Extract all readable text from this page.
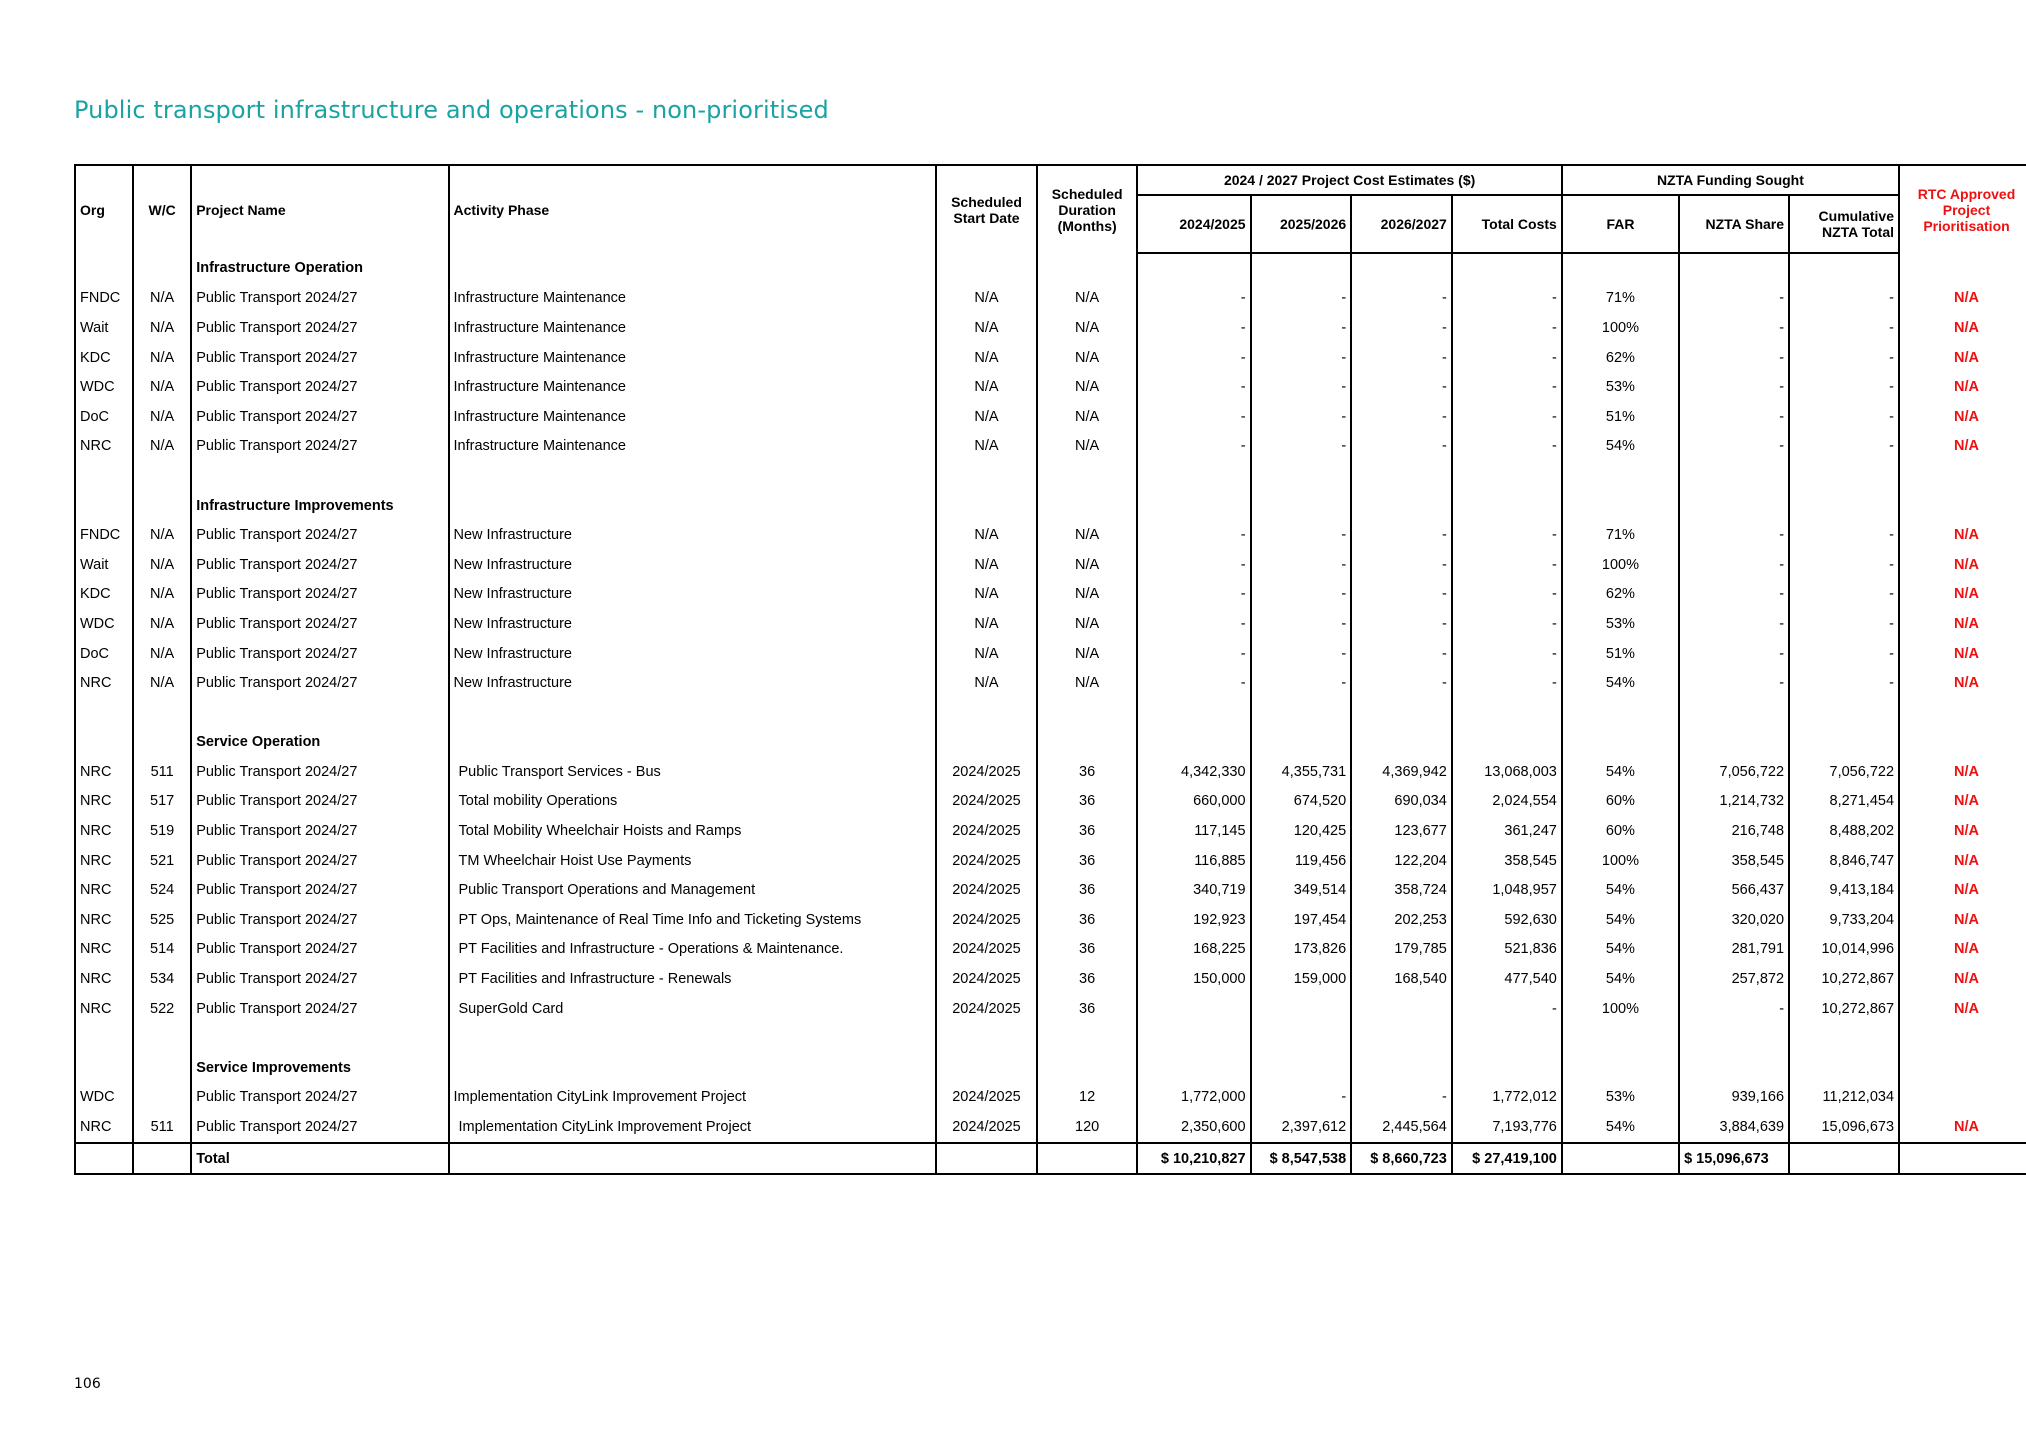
Public transport infrastructure and operations - non-prioritised
Org	W/C	Project Name	Activity Phase	Scheduled Start Date	Scheduled Duration (Months)	2024 / 2027 Project Cost Estimates ($)				NZTA Funding Sought			RTC Approved Project Prioritisation
						2024/2025	2025/2026	2026/2027	Total Costs	FAR	NZTA Share	Cumulative NZTA Total	
		Infrastructure Operation											
FNDC	N/A	Public Transport 2024/27	Infrastructure Maintenance	N/A	N/A	-	-	-	-	71%	-	-	N/A
Wait	N/A	Public Transport 2024/27	Infrastructure Maintenance	N/A	N/A	-	-	-	-	100%	-	-	N/A
KDC	N/A	Public Transport 2024/27	Infrastructure Maintenance	N/A	N/A	-	-	-	-	62%	-	-	N/A
WDC	N/A	Public Transport 2024/27	Infrastructure Maintenance	N/A	N/A	-	-	-	-	53%	-	-	N/A
DoC	N/A	Public Transport 2024/27	Infrastructure Maintenance	N/A	N/A	-	-	-	-	51%	-	-	N/A
NRC	N/A	Public Transport 2024/27	Infrastructure Maintenance	N/A	N/A	-	-	-	-	54%	-	-	N/A

		Infrastructure Improvements											
FNDC	N/A	Public Transport 2024/27	New Infrastructure	N/A	N/A	-	-	-	-	71%	-	-	N/A
Wait	N/A	Public Transport 2024/27	New Infrastructure	N/A	N/A	-	-	-	-	100%	-	-	N/A
KDC	N/A	Public Transport 2024/27	New Infrastructure	N/A	N/A	-	-	-	-	62%	-	-	N/A
WDC	N/A	Public Transport 2024/27	New Infrastructure	N/A	N/A	-	-	-	-	53%	-	-	N/A
DoC	N/A	Public Transport 2024/27	New Infrastructure	N/A	N/A	-	-	-	-	51%	-	-	N/A
NRC	N/A	Public Transport 2024/27	New Infrastructure	N/A	N/A	-	-	-	-	54%	-	-	N/A

		Service Operation											
NRC	511	Public Transport 2024/27	Public Transport Services - Bus	2024/2025	36	4,342,330	4,355,731	4,369,942	13,068,003	54%	7,056,722	7,056,722	N/A
NRC	517	Public Transport 2024/27	Total mobility Operations	2024/2025	36	660,000	674,520	690,034	2,024,554	60%	1,214,732	8,271,454	N/A
NRC	519	Public Transport 2024/27	Total Mobility Wheelchair Hoists and Ramps	2024/2025	36	117,145	120,425	123,677	361,247	60%	216,748	8,488,202	N/A
NRC	521	Public Transport 2024/27	TM Wheelchair Hoist Use Payments	2024/2025	36	116,885	119,456	122,204	358,545	100%	358,545	8,846,747	N/A
NRC	524	Public Transport 2024/27	Public Transport Operations and Management	2024/2025	36	340,719	349,514	358,724	1,048,957	54%	566,437	9,413,184	N/A
NRC	525	Public Transport 2024/27	PT Ops, Maintenance of Real Time Info and Ticketing Systems	2024/2025	36	192,923	197,454	202,253	592,630	54%	320,020	9,733,204	N/A
NRC	514	Public Transport 2024/27	PT Facilities and Infrastructure - Operations & Maintenance.	2024/2025	36	168,225	173,826	179,785	521,836	54%	281,791	10,014,996	N/A
NRC	534	Public Transport 2024/27	PT Facilities and Infrastructure - Renewals	2024/2025	36	150,000	159,000	168,540	477,540	54%	257,872	10,272,867	N/A
NRC	522	Public Transport 2024/27	SuperGold Card	2024/2025	36				-	100%	-	10,272,867	N/A

		Service Improvements											
WDC		Public Transport 2024/27	Implementation CityLink Improvement Project	2024/2025	12	1,772,000	-	-	1,772,012	53%	939,166	11,212,034	
NRC	511	Public Transport 2024/27	Implementation CityLink Improvement Project	2024/2025	120	2,350,600	2,397,612	2,445,564	7,193,776	54%	3,884,639	15,096,673	N/A
		Total				$ 10,210,827	$ 8,547,538	$ 8,660,723	$ 27,419,100		$ 15,096,673		
106
